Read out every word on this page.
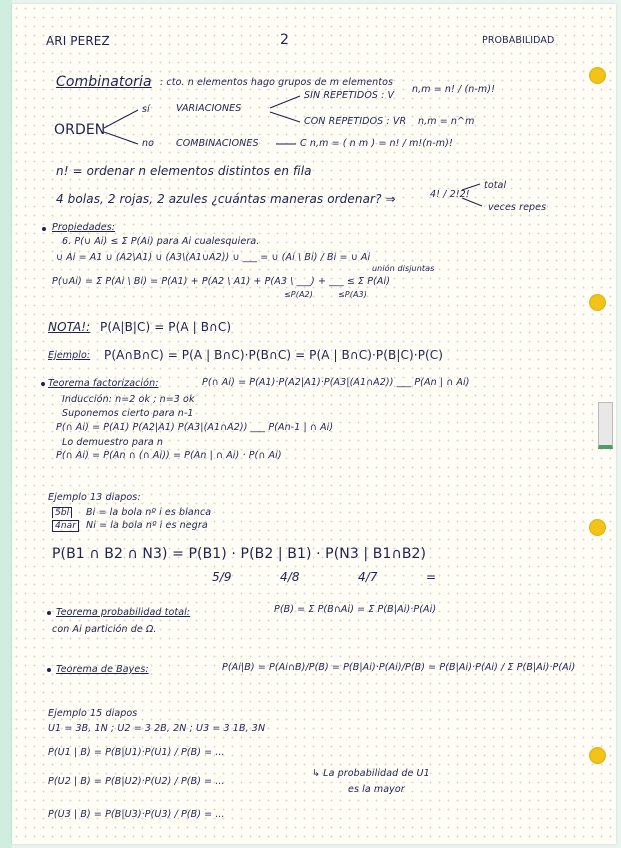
ARI PEREZ	2	PROBABILIDAD
Combinatoria : cto. n elementos hago grupos de m elementos
ORDEN
sí	VARIACIONES
SIN REPETIDOS : V
n,m = n! / (n-m)!
CON REPETIDOS : VR n,m = n^m
no COMBINACIONES	C n,m = ( n m ) = n! / m!(n-m)!
n! = ordenar n elementos distintos en fila
4 bolas, 2 rojas, 2 azules ¿cuántas maneras ordenar? ⇒	4! / 2!2!
total
veces repes
Propiedades:
6. P(∪ Ai) ≤ Σ P(Ai) para Ai cualesquiera.
∪ Ai = A1 ∪ (A2\A1) ∪ (A3\(A1∪A2)) ∪ ___ = ∪ (Ai \ Bi) / Bi = ∪ Ai
unión disjuntas
P(∪Ai) = Σ P(Ai \ Bi) = P(A1) + P(A2 \ A1) + P(A3 \ ___) + ___ ≤ Σ P(Ai)
≤P(A2)	≤P(A3)
NOTA!: P(A|B|C) = P(A | B∩C)
Ejemplo: P(A∩B∩C) = P(A | B∩C)·P(B∩C) = P(A | B∩C)·P(B|C)·P(C)
Teorema factorización:	P(∩ Ai) = P(A1)·P(A2|A1)·P(A3|(A1∩A2)) ___ P(An | ∩ Ai)
Inducción: n=2 ok ; n=3 ok
Suponemos cierto para n-1
P(∩ Ai) = P(A1) P(A2|A1) P(A3|(A1∩A2)) ___ P(An-1 | ∩ Ai)
Lo demuestro para n
P(∩ Ai) = P(An ∩ (∩ Ai)) = P(An | ∩ Ai) · P(∩ Ai)
Ejemplo 13 diapos:
5bl
4nar
Bi = la bola nº i es blanca
Ni = la bola nº i es negra
P(B1 ∩ B2 ∩ N3) = P(B1) · P(B2 | B1) · P(N3 | B1∩B2)
5/9	4/8	4/7	=
Teorema probabilidad total:	P(B) = Σ P(B∩Ai) = Σ P(B|Ai)·P(Ai)
con Ai partición de Ω.
Teorema de Bayes:	P(Ai|B) = P(Ai∩B)/P(B) = P(B|Ai)·P(Ai)/P(B) = P(B|Ai)·P(Ai) / Σ P(B|Ai)·P(Ai)
Ejemplo 15 diapos
U1 = 3B, 1N ; U2 = 3 2B, 2N ; U3 = 3 1B, 3N
P(U1 | B) = P(B|U1)·P(U1) / P(B) = ...
P(U2 | B) = P(B|U2)·P(U2) / P(B) = ...
P(U3 | B) = P(B|U3)·P(U3) / P(B) = ...
↳ La probabilidad de U1
es la mayor
